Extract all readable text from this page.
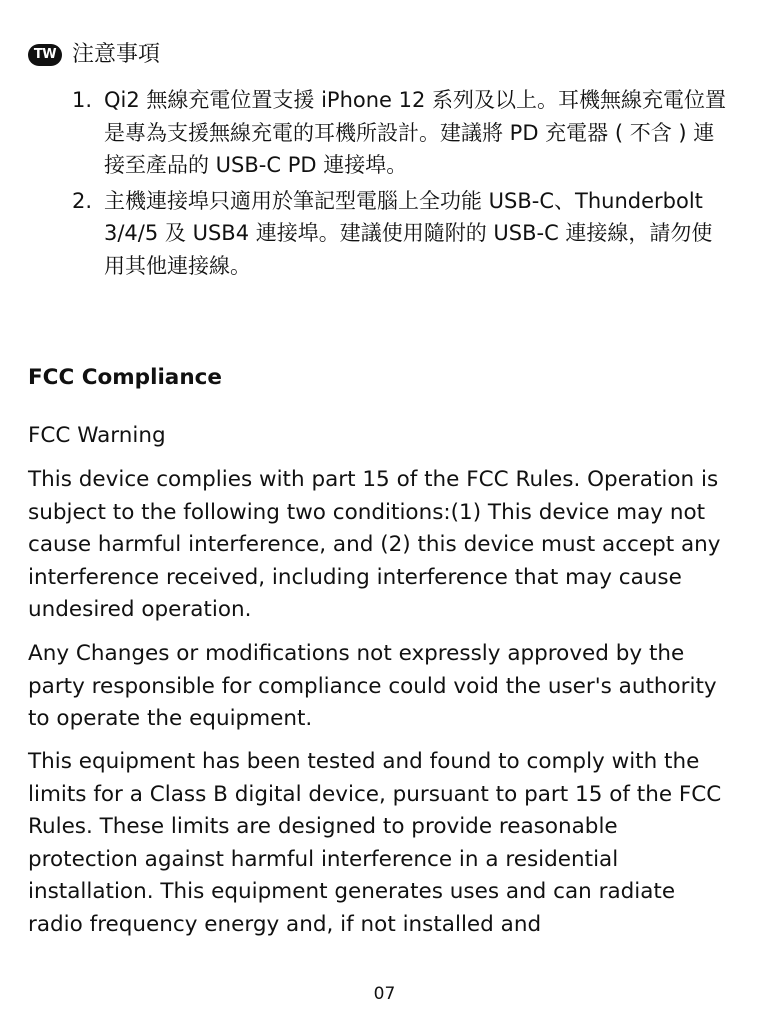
TW 注意事項
1. Qi2 無線充電位置支援 iPhone 12 系列及以上。耳機無線充電位置是專為支援無線充電的耳機所設計。建議將 PD 充電器 ( 不含 ) 連接至產品的 USB-C PD 連接埠。
2. 主機連接埠只適用於筆記型電腦上全功能 USB-C、Thunderbolt 3/4/5 及 USB4 連接埠。建議使用隨附的 USB-C 連接線，請勿使用其他連接線。
FCC Compliance

FCC Warning

This device complies with part 15 of the FCC Rules. Operation is subject to the following two conditions:(1) This device may not cause harmful interference, and (2) this device must accept any interference received, including interference that may cause undesired operation.

Any Changes or modifications not expressly approved by the party responsible for compliance could void the user's authority to operate the equipment.

This equipment has been tested and found to comply with the limits for a Class B digital device, pursuant to part 15 of the FCC Rules. These limits are designed to provide reasonable protection against harmful interference in a residential installation. This equipment generates uses and can radiate radio frequency energy and, if not installed and

07
